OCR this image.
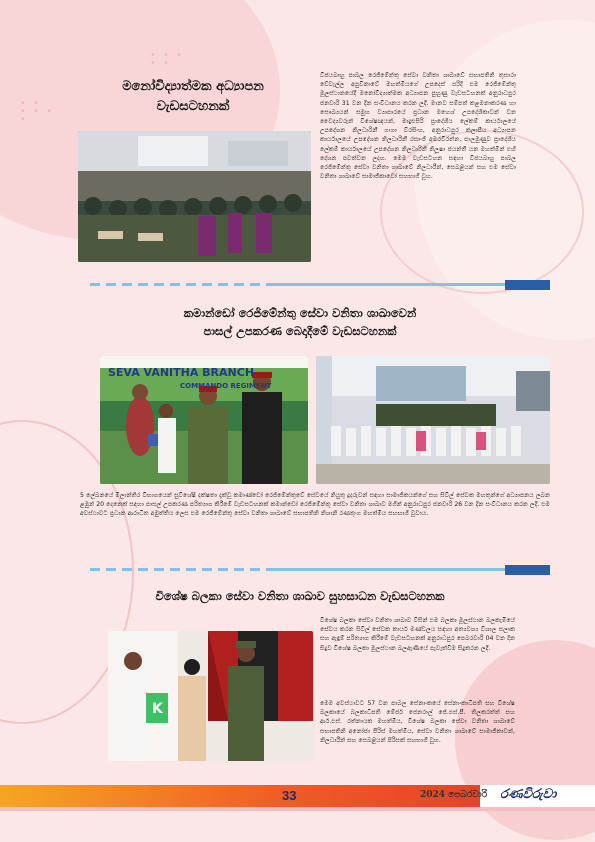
• • •
• •
• •
• • •
•

මනෝවිද්‍යාත්මක අධ්‍යාපන
වැඩසටහනක්
විජයබාහු පාබල රෙජිමේන්තු සේවා වනිතා ශාඛාවේ සභාපතිනි තුසාරා වේවැල්ල අපුවිනාවේ මහත්මියගේ උපදෙස් පරිදි එම රෙජිමේන්තු මූලස්ථානයේදී මනෝවිද්‍යාත්මක අධ්‍යාපන පුහුණු වැඩසටහනක් අනුරාධපුර ජනවාරි 31 වන දින සංවිධානය කරන ලදී. මානව සම්පත් කළමනාකරණ හා සෞඛ්‍යයන් සමුහ ව්‍යාපාරයේ ප්‍රධාන මහෙශ් උපදේශිකාවන් වන වෛද්‍යවරුන් විශේෂඥයන්, මාදුළුසිරි ප්‍රාදේශීය ලේකම් කාර්යාලයේ උපදේශන නිලධාරිනී ගංගා විරසිංහ, අනුරාධපුර කලාපීය අධ්‍යාපන කාර්යාලයේ උපදේශන නිලධාරිනී රසාංජි අමරවිරත්න, පාලමුණුව ප්‍රාදේශීය ලේකම් කාර්යාලයේ උපදේශන නිලධාරිනී නිලූෂා ජයන්තී යන මහත්මීන් එහි දේශන පවත්වන ලදහ. මෙම වැඩසටහන සඳහා විජයබාහු පාබල රෙජිමේන්තු සේවා වනිතා ශාඛාවේ නිලධාරීන්, සෙබළියන් සහ එම සේවා වනිතා ශාඛාවේ සාමාජිකාවෝ සහභාගී වූහ.
කමාන්ඩෝ රෙජිමේන්තු සේවා වනිතා ශාඛාවෙන්
පාසල් උපකරණ බෙදාදීමේ වැඩසටහනක්
SEVA VANITHA BRANCH
COMMANDO REGIMENT
5 ලේඛනයේ මිලාන්තිර විභාගයෙන් සුවිශේෂි දක්ෂතා දැක්වූ කමාණ්ඩෝ රෙජිමේන්තුවේ සේවයේ නියුතු දූදරුවන් සඳහා සාමාජිකයන්ගේ සහ සිවිල් සේවක මහතුන්ගේ අධ්‍යාපනය ලබන ළමුන් 20 දෙනෙක් සඳහා පාසල් උපකරණ පරිත්‍යාග කිරීමේ වැඩසටහනක් කමාන්ඩෝ රෙජිමේන්තු සේවා වනිතා ශාඛාව මගින් අනුරාධපුර ජනවාරි 26 වන දින සංවිධානය කරන ලදී. එම අවස්ථාවට ප්‍රධාන ආරාධිත අමුත්තිය ලෙස එම රෙජිමේන්තු සේවා වනිතා ශාඛාවේ සභාපතිනි නිශානි රණතුංග මහත්මිය සහභාගී වූවාය.
විශේෂ බලකා සේවා වනිතා ශාඛාව සුහසාධන වැඩසටහනක
K
විශේෂ බලකා සේවා වනිතා ශාඛාව විසින් එම බලකා මූලස්ථාන බලකැමියේ සේවය කරන සිවිල් සේවක කාර්ය මණ්ඩලය සඳහා අත්‍යවශ්‍ය විශාල සලාක සහ ඇඳුම් පරිත්‍යාග කිරීමේ වැඩසටහනක් අනුරාධපුර පෙබරවාරි 04 වන දින සිදුව විශේෂ බලකා මූලස්ථාන බලඇණියේ පැවැත්වීම සිදුකරන ලදී.
මෙම අවස්ථාවට 57 වන පාබල සේනාංකයේ සේනාංකාධිපති සහ විශේෂ බලකායේ බලකාධිපති මේජර් ජෙනරාල් ජේ.එස්.පී. තිලකරත්ත් සහ ආර්.එස්. රත්නායක මහත්මිය, විශේෂ බලකා සේවා වනිතා ශාඛාවේ සභාපතිනි අනෝජා පීරිස් මහත්මිය, සේවා වනිතා ශාඛාවේ සාමාජිකාවන්, නිලධාරීන් සහ සෙබළියන් පිරිසක් සහභාගී වූහ.
33	2024 පෙබරවාරි රණවිරුවා
